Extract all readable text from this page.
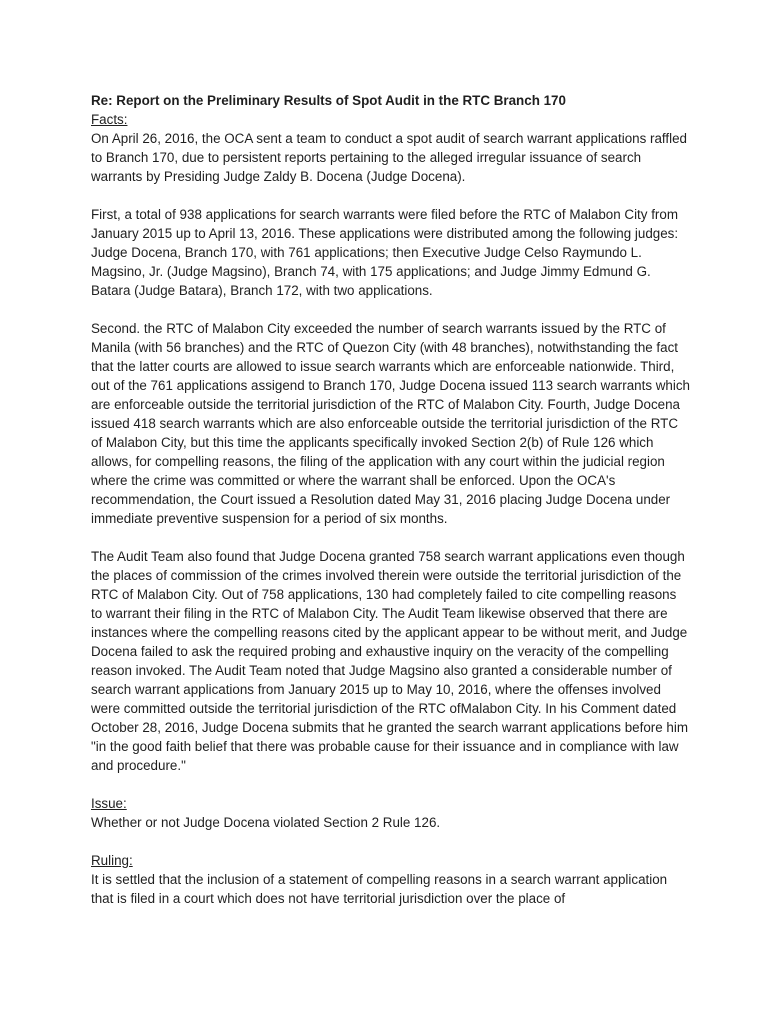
Re: Report on the Preliminary Results of Spot Audit in the RTC Branch 170

Facts:

On April 26, 2016, the OCA sent a team to conduct a spot audit of search warrant applications raffled to Branch 170, due to persistent reports pertaining to the alleged irregular issuance of search warrants by Presiding Judge Zaldy B. Docena (Judge Docena).

First, a total of 938 applications for search warrants were filed before the RTC of Malabon City from January 2015 up to April 13, 2016. These applications were distributed among the following judges: Judge Docena, Branch 170, with 761 applications; then Executive Judge Celso Raymundo L. Magsino, Jr. (Judge Magsino), Branch 74, with 175 applications; and Judge Jimmy Edmund G. Batara (Judge Batara), Branch 172, with two applications.

Second. the RTC of Malabon City exceeded the number of search warrants issued by the RTC of Manila (with 56 branches) and the RTC of Quezon City (with 48 branches), notwithstanding the fact that the latter courts are allowed to issue search warrants which are enforceable nationwide. Third, out of the 761 applications assigend to Branch 170, Judge Docena issued 113 search warrants which are enforceable outside the territorial jurisdiction of the RTC of Malabon City. Fourth, Judge Docena issued 418 search warrants which are also enforceable outside the territorial jurisdiction of the RTC of Malabon City, but this time the applicants specifically invoked Section 2(b) of Rule 126 which allows, for compelling reasons, the filing of the application with any court within the judicial region where the crime was committed or where the warrant shall be enforced. Upon the OCA's recommendation, the Court issued a Resolution dated May 31, 2016 placing Judge Docena under immediate preventive suspension for a period of six months.

The Audit Team also found that Judge Docena granted 758 search warrant applications even though the places of commission of the crimes involved therein were outside the territorial jurisdiction of the RTC of Malabon City. Out of 758 applications, 130 had completely failed to cite compelling reasons to warrant their filing in the RTC of Malabon City. The Audit Team likewise observed that there are instances where the compelling reasons cited by the applicant appear to be without merit, and Judge Docena failed to ask the required probing and exhaustive inquiry on the veracity of the compelling reason invoked. The Audit Team noted that Judge Magsino also granted a considerable number of search warrant applications from January 2015 up to May 10, 2016, where the offenses involved were committed outside the territorial jurisdiction of the RTC ofMalabon City. In his Comment dated October 28, 2016, Judge Docena submits that he granted the search warrant applications before him "in the good faith belief that there was probable cause for their issuance and in compliance with law and procedure."

Issue:

Whether or not Judge Docena violated Section 2 Rule 126.

Ruling:

It is settled that the inclusion of a statement of compelling reasons in a search warrant application that is filed in a court which does not have territorial jurisdiction over the place of
